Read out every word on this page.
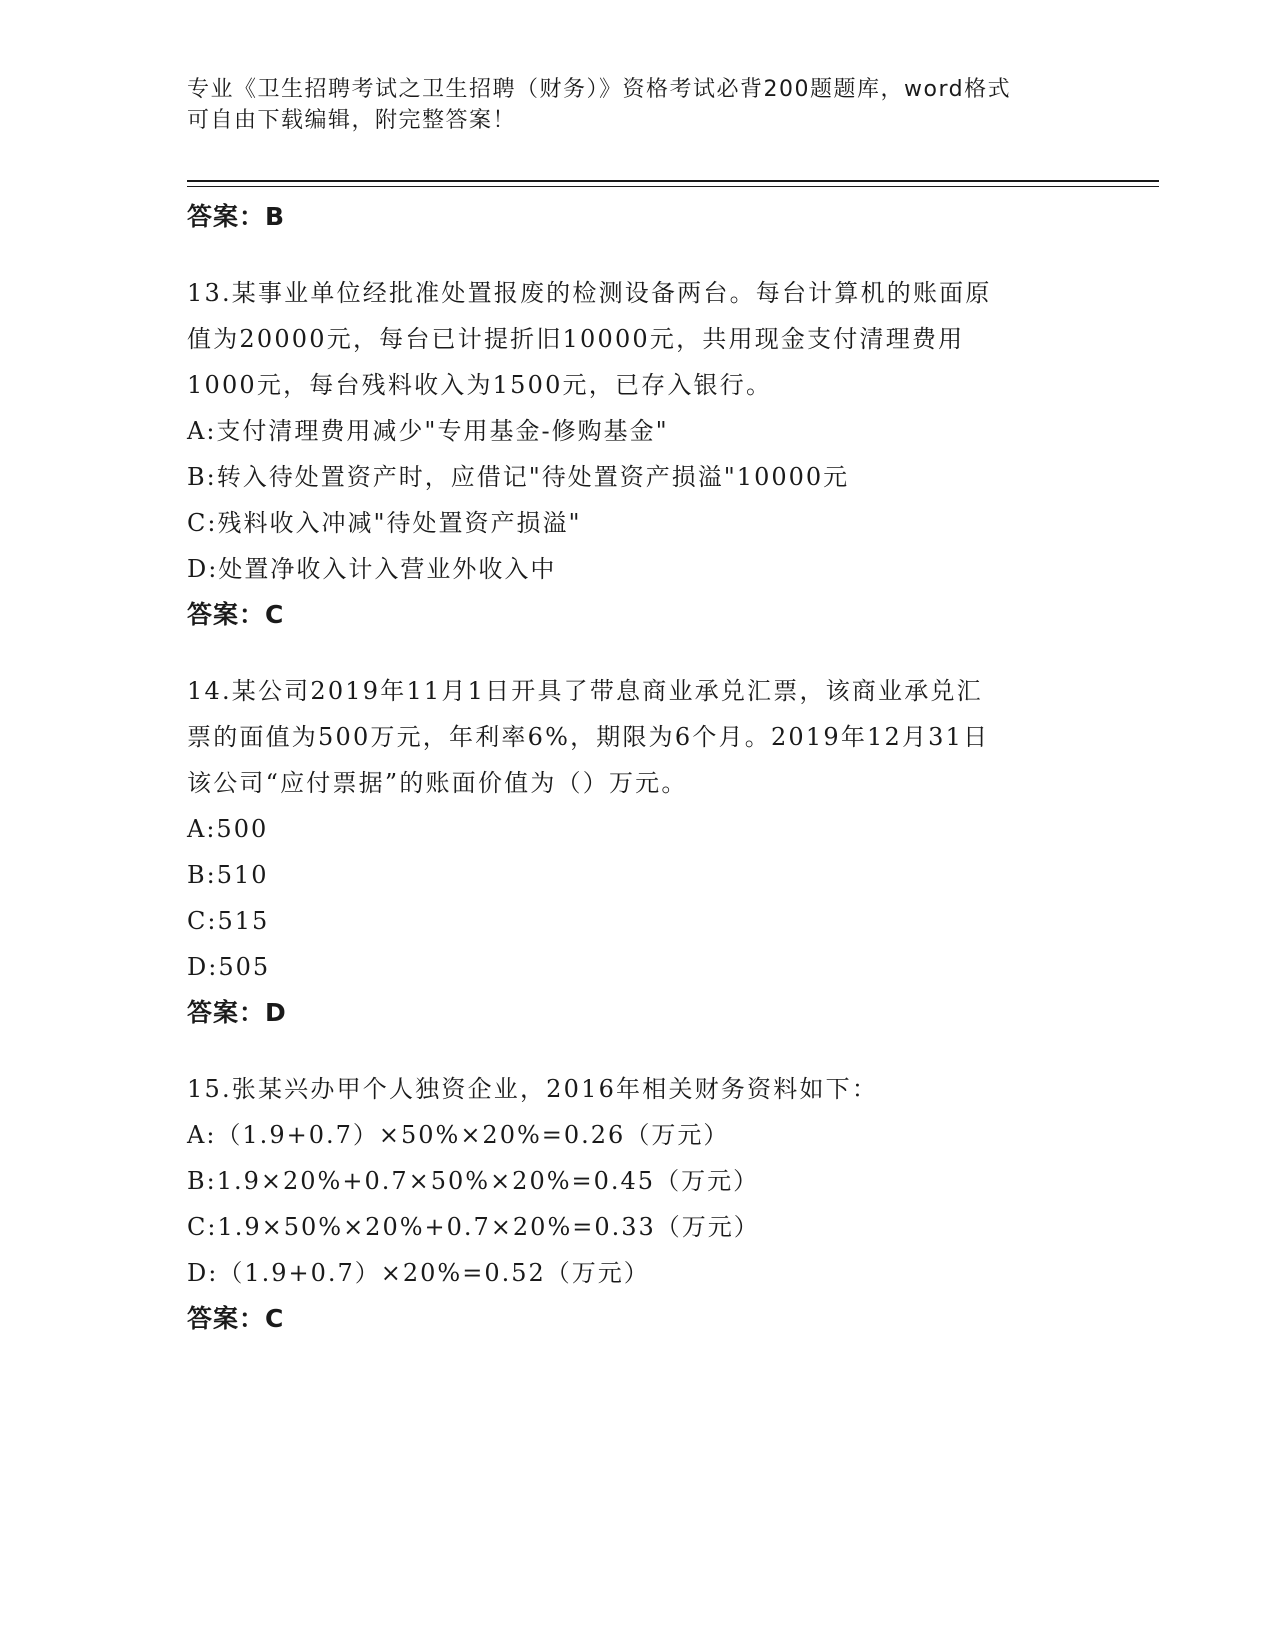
专业《卫生招聘考试之卫生招聘（财务）》资格考试必背200题题库，word格式
可自由下载编辑，附完整答案！
答案：B
13.某事业单位经批准处置报废的检测设备两台。每台计算机的账面原
值为20000元，每台已计提折旧10000元，共用现金支付清理费用
1000元，每台残料收入为1500元，已存入银行。
A:支付清理费用减少"专用基金-修购基金"
B:转入待处置资产时，应借记"待处置资产损溢"10000元
C:残料收入冲减"待处置资产损溢"
D:处置净收入计入营业外收入中
答案：C
14.某公司2019年11月1日开具了带息商业承兑汇票，该商业承兑汇
票的面值为500万元，年利率6%，期限为6个月。2019年12月31日
该公司“应付票据”的账面价值为（）万元。
A:500
B:510
C:515
D:505
答案：D
15.张某兴办甲个人独资企业，2016年相关财务资料如下：
A:（1.9+0.7）×50%×20%=0.26（万元）
B:1.9×20%+0.7×50%×20%=0.45（万元）
C:1.9×50%×20%+0.7×20%=0.33（万元）
D:（1.9+0.7）×20%=0.52（万元）
答案：C
